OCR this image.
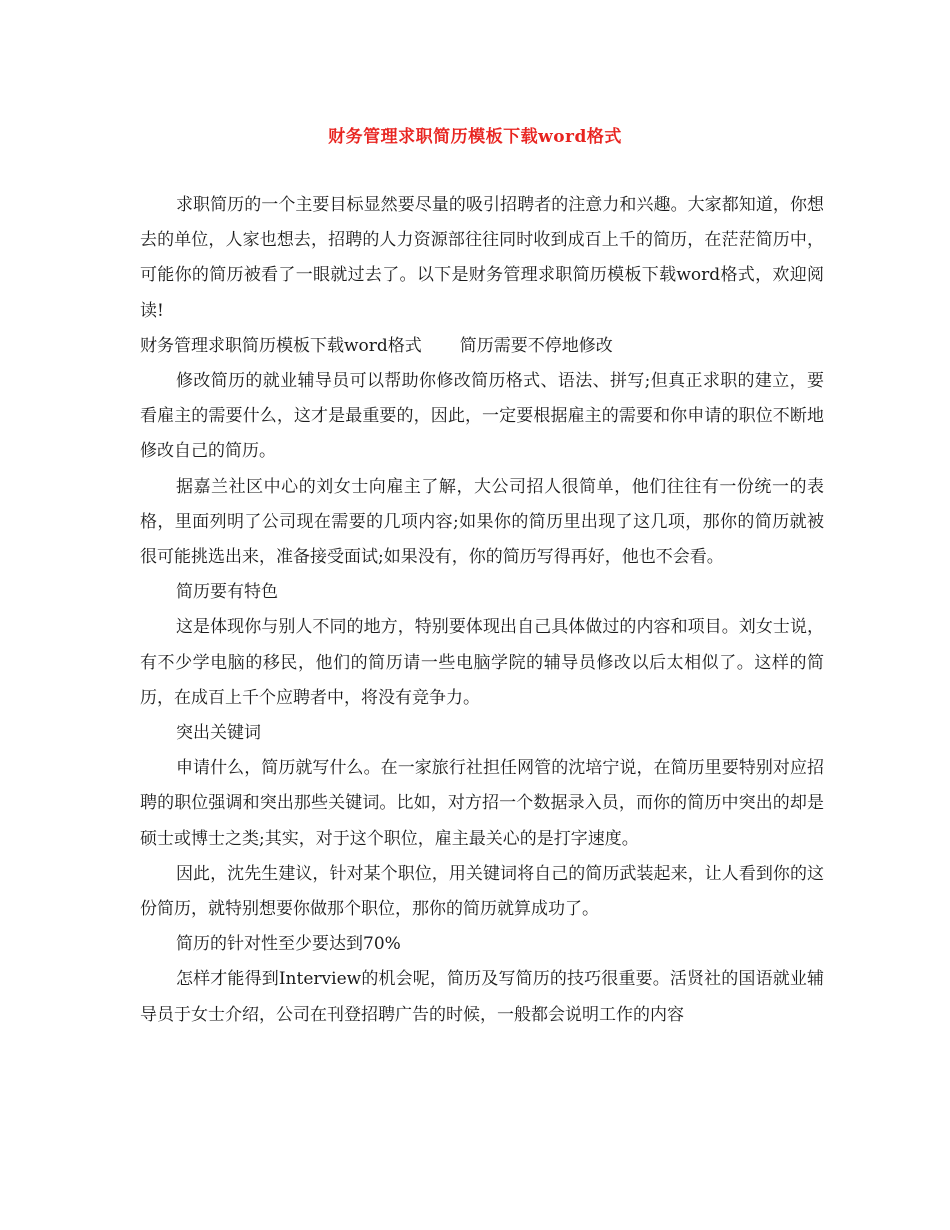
财务管理求职简历模板下载word格式

求职简历的一个主要目标显然要尽量的吸引招聘者的注意力和兴趣。大家都知道，你想去的单位，人家也想去，招聘的人力资源部往往同时收到成百上千的简历，在茫茫简历中，可能你的简历被看了一眼就过去了。以下是财务管理求职简历模板下载word格式，欢迎阅读!

财务管理求职简历模板下载word格式 简历需要不停地修改

修改简历的就业辅导员可以帮助你修改简历格式、语法、拼写;但真正求职的建立，要看雇主的需要什么，这才是最重要的，因此，一定要根据雇主的需要和你申请的职位不断地修改自己的简历。

据嘉兰社区中心的刘女士向雇主了解，大公司招人很简单，他们往往有一份统一的表格，里面列明了公司现在需要的几项内容;如果你的简历里出现了这几项，那你的简历就被很可能挑选出来，准备接受面试;如果没有，你的简历写得再好，他也不会看。

简历要有特色

这是体现你与别人不同的地方，特别要体现出自己具体做过的内容和项目。刘女士说，有不少学电脑的移民，他们的简历请一些电脑学院的辅导员修改以后太相似了。这样的简历，在成百上千个应聘者中，将没有竞争力。

突出关键词

申请什么，简历就写什么。在一家旅行社担任网管的沈培宁说，在简历里要特别对应招聘的职位强调和突出那些关键词。比如，对方招一个数据录入员，而你的简历中突出的却是硕士或博士之类;其实，对于这个职位，雇主最关心的是打字速度。

因此，沈先生建议，针对某个职位，用关键词将自己的简历武装起来，让人看到你的这份简历，就特别想要你做那个职位，那你的简历就算成功了。

简历的针对性至少要达到70%

怎样才能得到Interview的机会呢，简历及写简历的技巧很重要。活贤社的国语就业辅导员于女士介绍，公司在刊登招聘广告的时候，一般都会说明工作的内容
